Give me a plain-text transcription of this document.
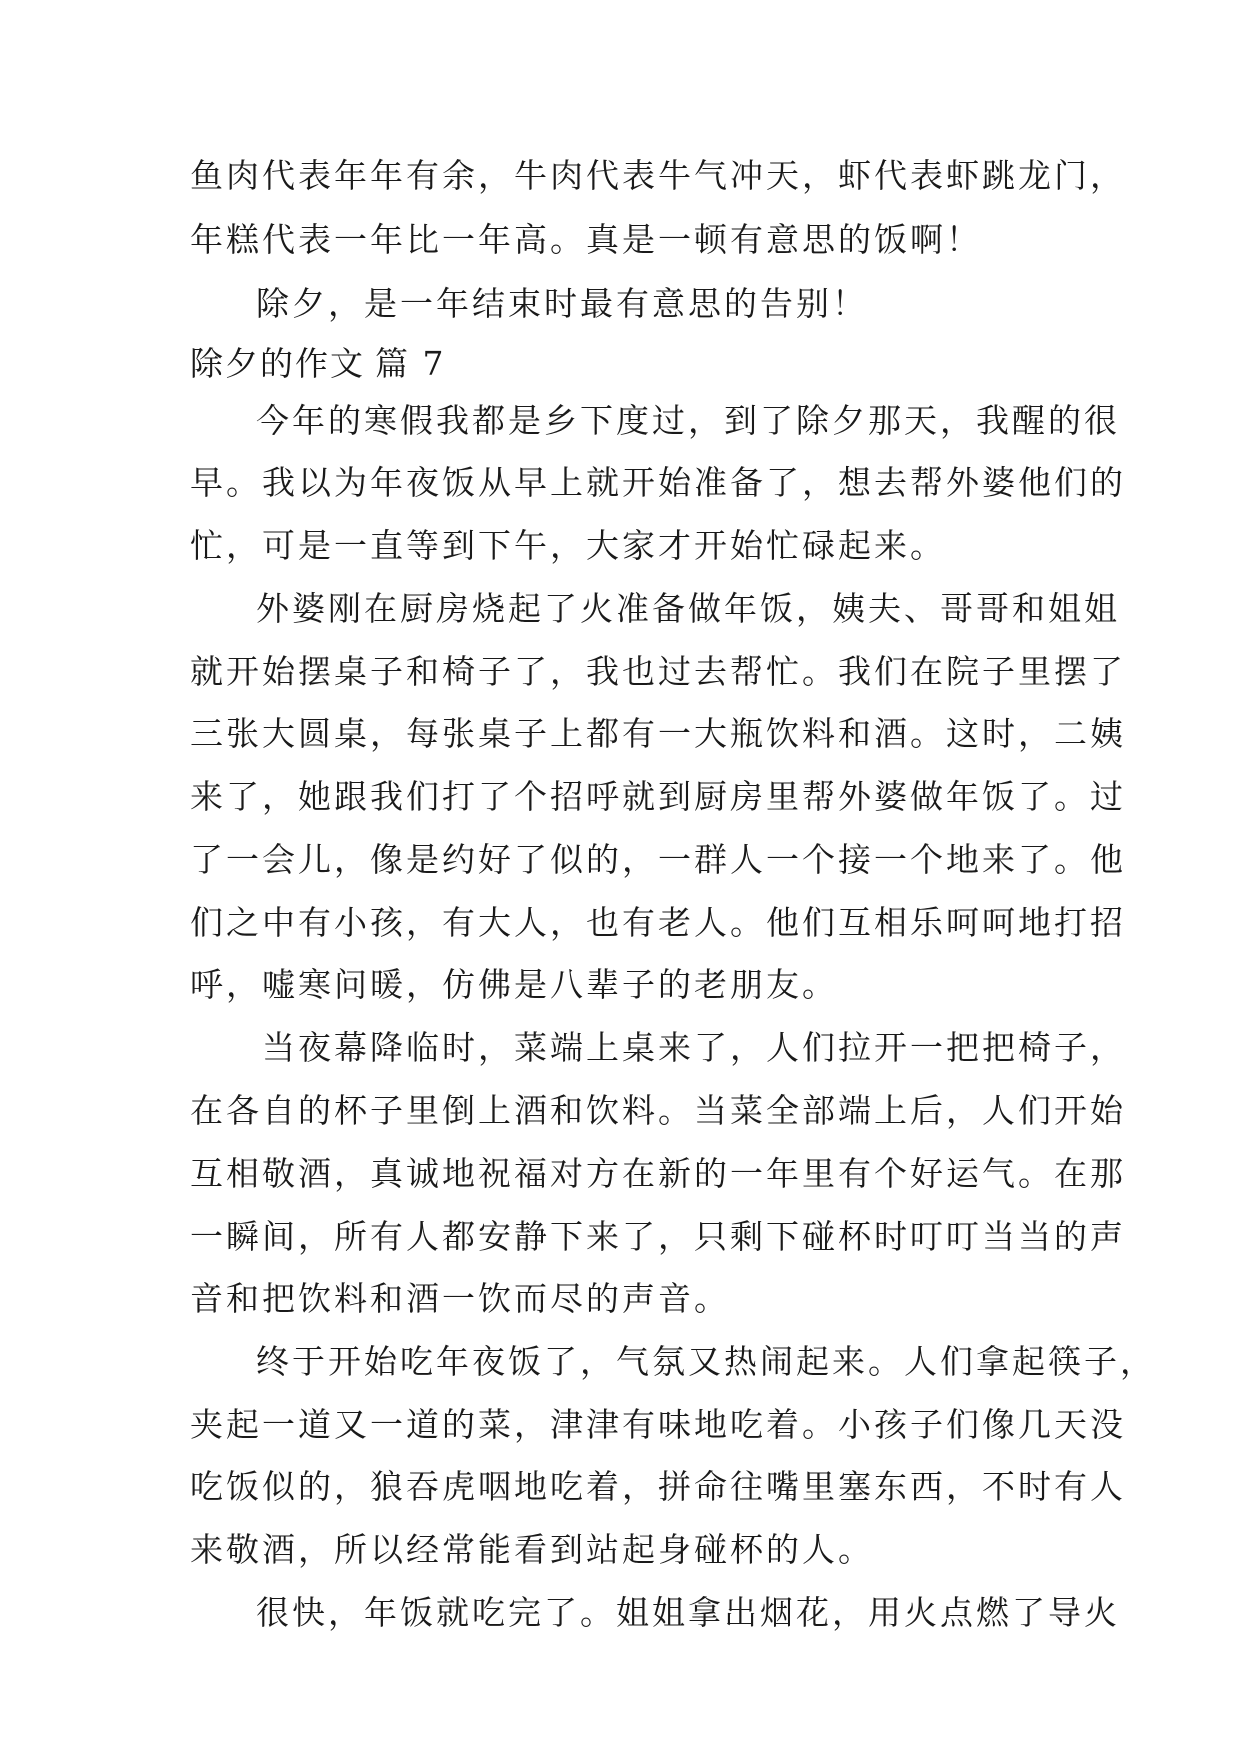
鱼肉代表年年有余，牛肉代表牛气冲天，虾代表虾跳龙门，
年糕代表一年比一年高。真是一顿有意思的饭啊！
除夕，是一年结束时最有意思的告别！
除夕的作文 篇 7
今年的寒假我都是乡下度过，到了除夕那天，我醒的很
早。我以为年夜饭从早上就开始准备了，想去帮外婆他们的
忙，可是一直等到下午，大家才开始忙碌起来。
外婆刚在厨房烧起了火准备做年饭，姨夫、哥哥和姐姐
就开始摆桌子和椅子了，我也过去帮忙。我们在院子里摆了
三张大圆桌，每张桌子上都有一大瓶饮料和酒。这时，二姨
来了，她跟我们打了个招呼就到厨房里帮外婆做年饭了。过
了一会儿，像是约好了似的，一群人一个接一个地来了。他
们之中有小孩，有大人，也有老人。他们互相乐呵呵地打招
呼，嘘寒问暖，仿佛是八辈子的老朋友。
当夜幕降临时，菜端上桌来了，人们拉开一把把椅子，
在各自的杯子里倒上酒和饮料。当菜全部端上后，人们开始
互相敬酒，真诚地祝福对方在新的一年里有个好运气。在那
一瞬间，所有人都安静下来了，只剩下碰杯时叮叮当当的声
音和把饮料和酒一饮而尽的声音。
终于开始吃年夜饭了，气氛又热闹起来。人们拿起筷子，
夹起一道又一道的菜，津津有味地吃着。小孩子们像几天没
吃饭似的，狼吞虎咽地吃着，拼命往嘴里塞东西，不时有人
来敬酒，所以经常能看到站起身碰杯的人。
很快，年饭就吃完了。姐姐拿出烟花，用火点燃了导火
